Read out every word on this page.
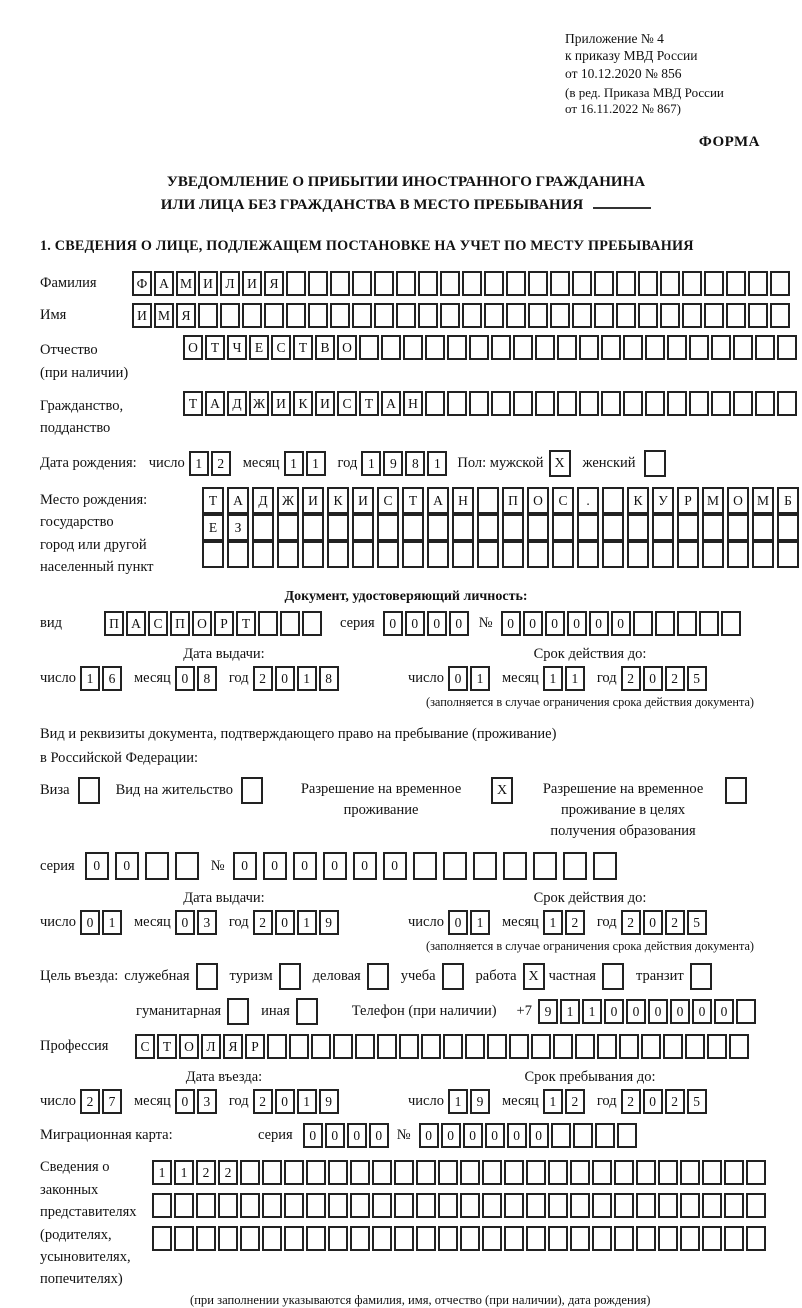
Приложение № 4
к приказу МВД России
от 10.12.2020 № 856
(в ред. Приказа МВД России
от 16.11.2022 № 867)
ФОРМА
УВЕДОМЛЕНИЕ О ПРИБЫТИИ ИНОСТРАННОГО ГРАЖДАНИНА
ИЛИ ЛИЦА БЕЗ ГРАЖДАНСТВА В МЕСТО ПРЕБЫВАНИЯ
1. СВЕДЕНИЯ О ЛИЦЕ, ПОДЛЕЖАЩЕМ ПОСТАНОВКЕ НА УЧЕТ ПО МЕСТУ ПРЕБЫВАНИЯ
Фамилия	Ф А М И Л И Я
Имя	И М Я
Отчество
(при наличии)
О Т Ч Е С Т В О
Гражданство,
подданство
Т А Д Ж И К И С Т А Н
Дата рождения: число 1	2	месяц 1	1	год 1	9	8	1	Пол: мужской X	женский
Место рождения:
государство
город или другой
населенный пункт
Т	А	Д	Ж	И	К	И	С	Т	А	Н	П	О	С	.	К	У	Р	М	О	М	Б

Е	З

Документ, удостоверяющий личность:
вид	П А С П О Р	Т	серия	0	0	0	0	№	0	0	0	0	0	0
Дата выдачи:
число 1	6	месяц 0	8	год 2	0	1	8
Срок действия до:
число 0	1	месяц 1	1	год 2	0	2	5
(заполняется в случае ограничения срока действия документа)
Вид и реквизиты документа, подтверждающего право на пребывание (проживание)
в Российской Федерации:
Виза	Вид на жительство	Разрешение на временное проживание
X	Разрешение на временное проживание в целях получения образования
серия	0	0	№	0	0	0	0	0	0
Дата выдачи:
число 0	1	месяц 0	3	год 2	0	1	9
Срок действия до:
число 0	1	месяц 1	2	год 2	0	2	5
(заполняется в случае ограничения срока действия документа)
Цель въезда: служебная	туризм	деловая	учеба	работа X частная	транзит
гуманитарная	иная	Телефон (при наличии) +7 9	1	1	0	0	0	0	0	0
Профессия	С Т О Л Я	Р
Дата въезда:
число 2	7	месяц 0	3	год 2	0	1	9
Срок пребывания до:
число 1	9	месяц 1	2	год 2	0	2	5
Миграционная карта:	серия	0	0	0	0	№	0	0	0	0	0	0
Сведения о
законных
представителях
(родителях,
усыновителях,
попечителях)
1	1	2	2
(при заполнении указываются фамилия, имя, отчество (при наличии), дата рождения)
